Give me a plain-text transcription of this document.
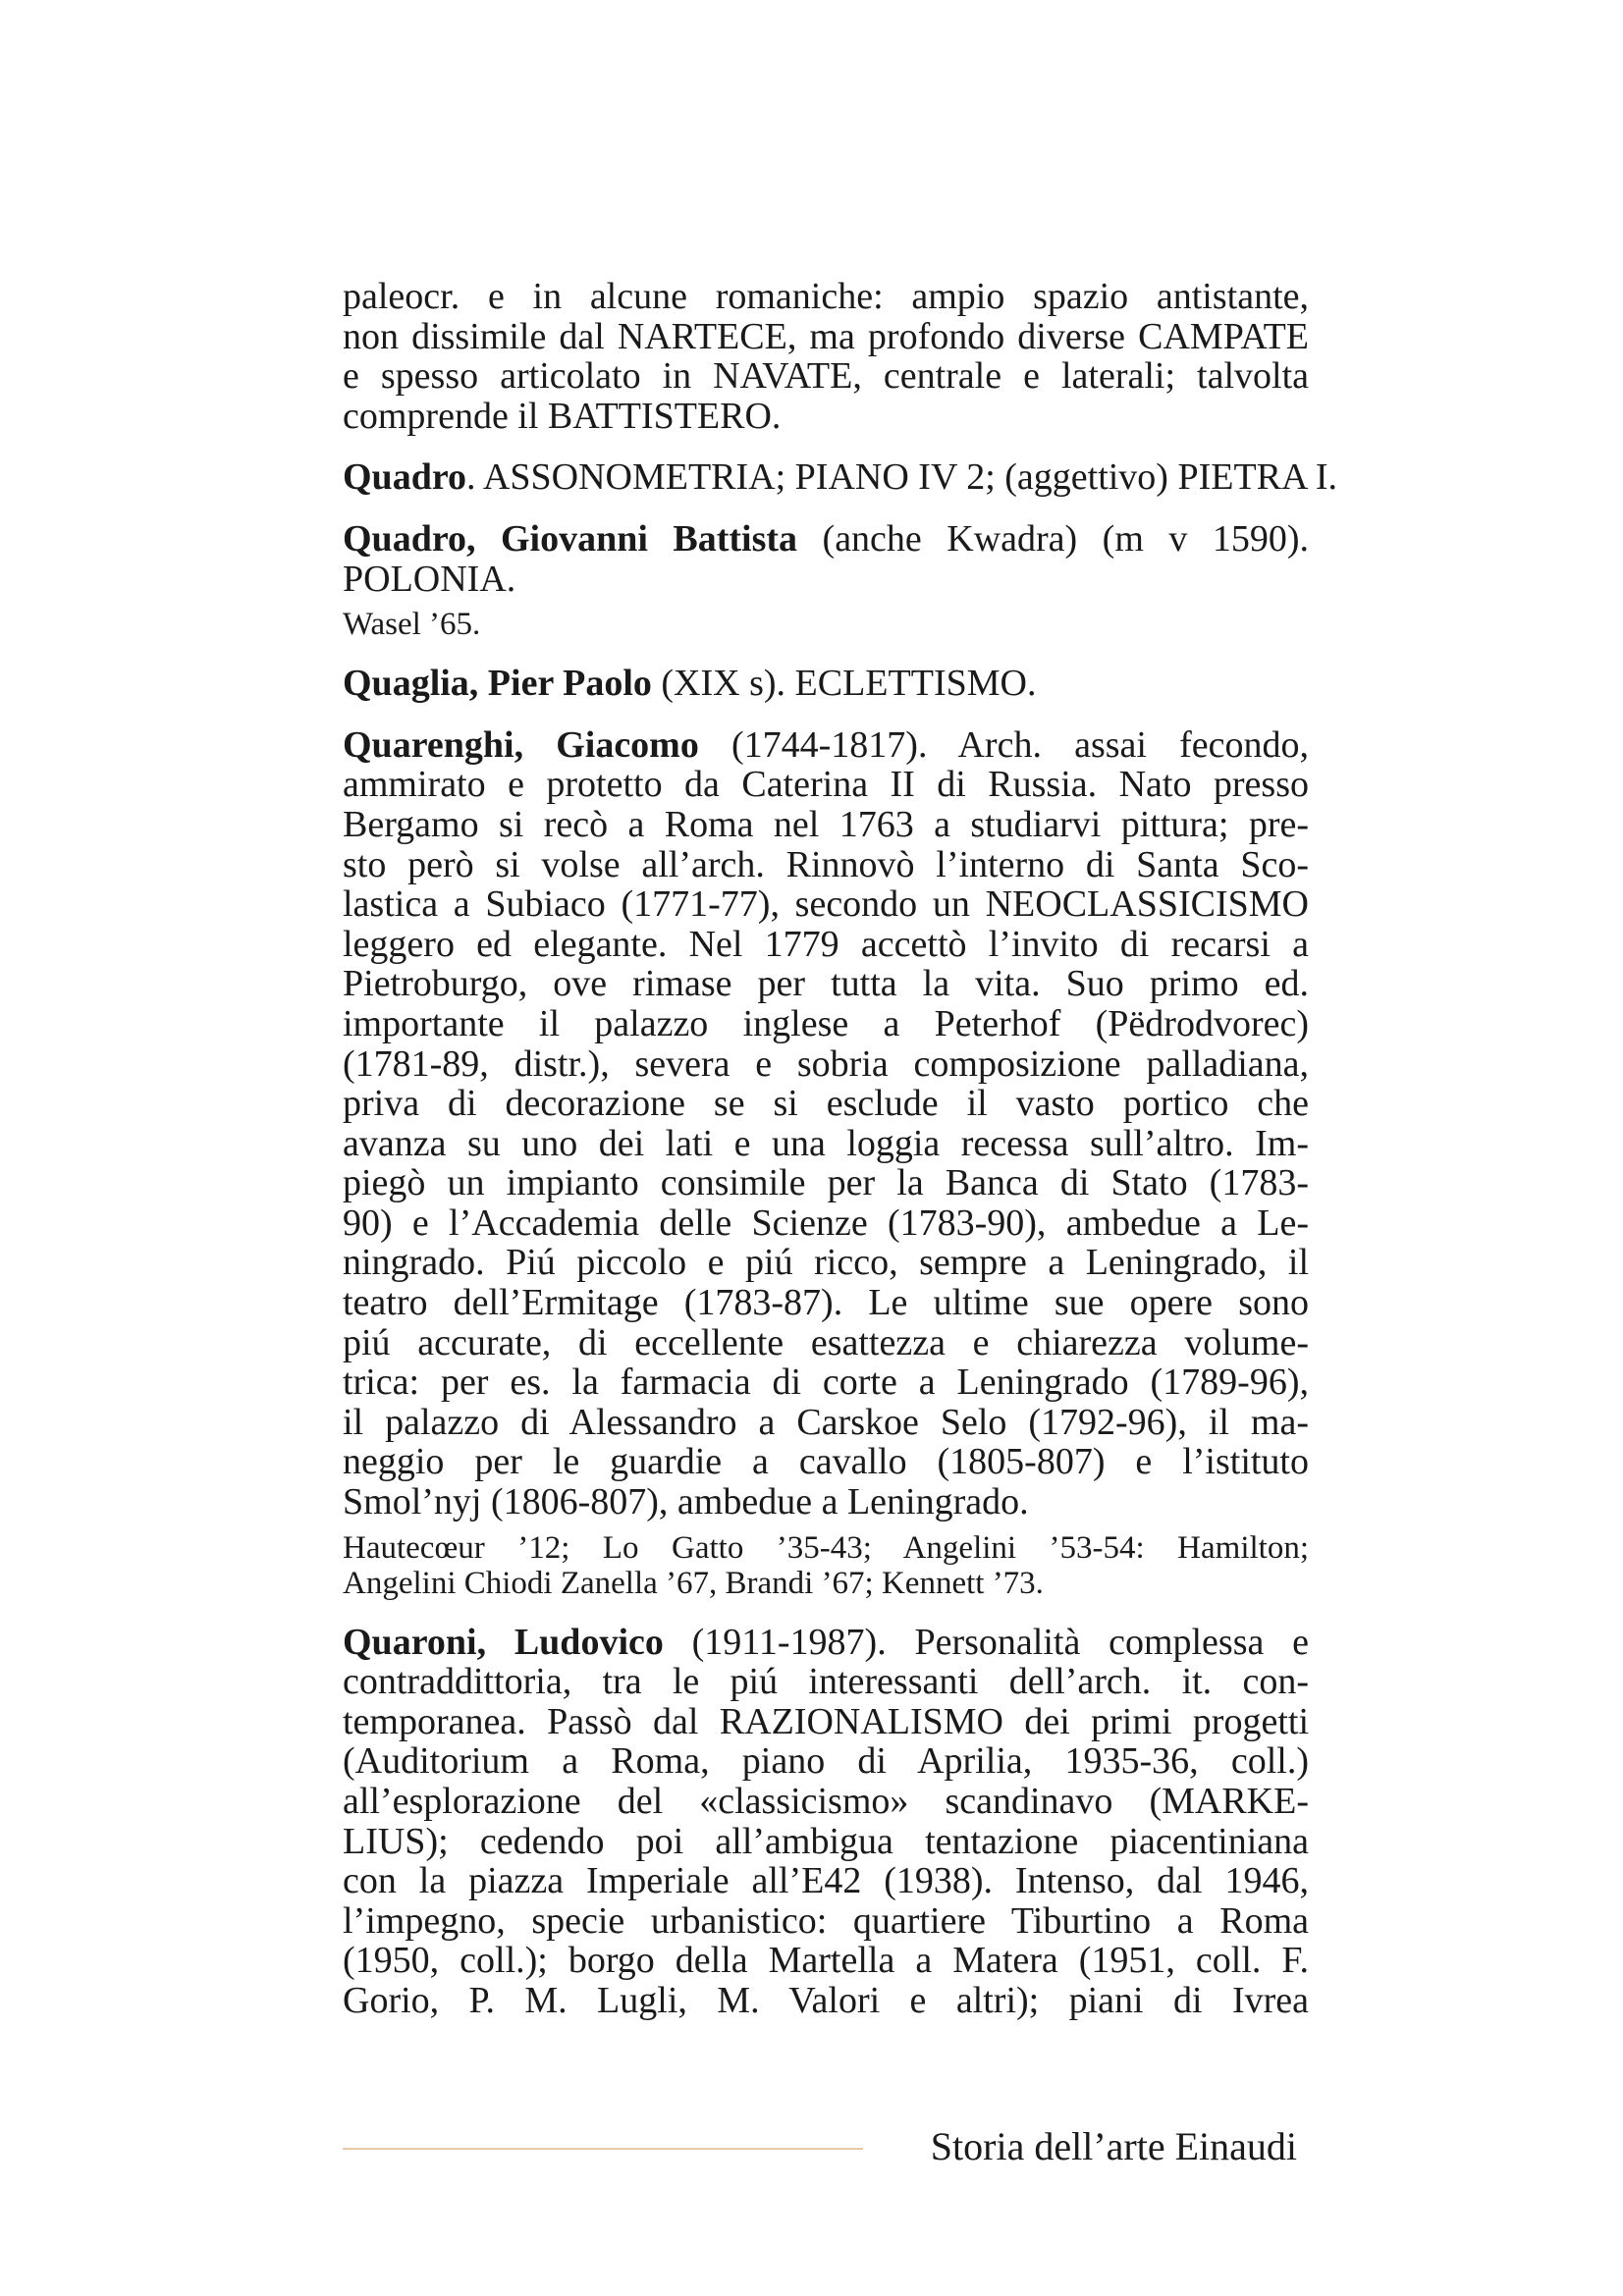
paleocr. e in alcune romaniche: ampio spazio antistante,
non dissimile dal NARTECE, ma profondo diverse CAMPATE
e spesso articolato in NAVATE, centrale e laterali; talvolta
comprende il BATTISTERO.
Quadro. ASSONOMETRIA; PIANO IV 2; (aggettivo) PIETRA I.
Quadro, Giovanni Battista (anche Kwadra) (m v 1590).
POLONIA.
Wasel ’65.
Quaglia, Pier Paolo (XIX s). ECLETTISMO.
Quarenghi, Giacomo (1744-1817). Arch. assai fecondo,
ammirato e protetto da Caterina II di Russia. Nato presso
Bergamo si recò a Roma nel 1763 a studiarvi pittura; pre-
sto però si volse all’arch. Rinnovò l’interno di Santa Sco-
lastica a Subiaco (1771-77), secondo un NEOCLASSICISMO
leggero ed elegante. Nel 1779 accettò l’invito di recarsi a
Pietroburgo, ove rimase per tutta la vita. Suo primo ed.
importante il palazzo inglese a Peterhof (Pëdrodvorec)
(1781-89, distr.), severa e sobria composizione palladiana,
priva di decorazione se si esclude il vasto portico che
avanza su uno dei lati e una loggia recessa sull’altro. Im-
piegò un impianto consimile per la Banca di Stato (1783-
90) e l’Accademia delle Scienze (1783-90), ambedue a Le-
ningrado. Piú piccolo e piú ricco, sempre a Leningrado, il
teatro dell’Ermitage (1783-87). Le ultime sue opere sono
piú accurate, di eccellente esattezza e chiarezza volume-
trica: per es. la farmacia di corte a Leningrado (1789-96),
il palazzo di Alessandro a Carskoe Selo (1792-96), il ma-
neggio per le guardie a cavallo (1805-807) e l’istituto
Smol’nyj (1806-807), ambedue a Leningrado.
Hautecœur ’12; Lo Gatto ’35-43; Angelini ’53-54: Hamilton;
Angelini Chiodi Zanella ’67, Brandi ’67; Kennett ’73.
Quaroni, Ludovico (1911-1987). Personalità complessa e
contraddittoria, tra le piú interessanti dell’arch. it. con-
temporanea. Passò dal RAZIONALISMO dei primi progetti
(Auditorium a Roma, piano di Aprilia, 1935-36, coll.)
all’esplorazione del «classicismo» scandinavo (MARKE-
LIUS); cedendo poi all’ambigua tentazione piacentiniana
con la piazza Imperiale all’E42 (1938). Intenso, dal 1946,
l’impegno, specie urbanistico: quartiere Tiburtino a Roma
(1950, coll.); borgo della Martella a Matera (1951, coll. F.
Gorio, P. M. Lugli, M. Valori e altri); piani di Ivrea
Storia dell’arte Einaudi
